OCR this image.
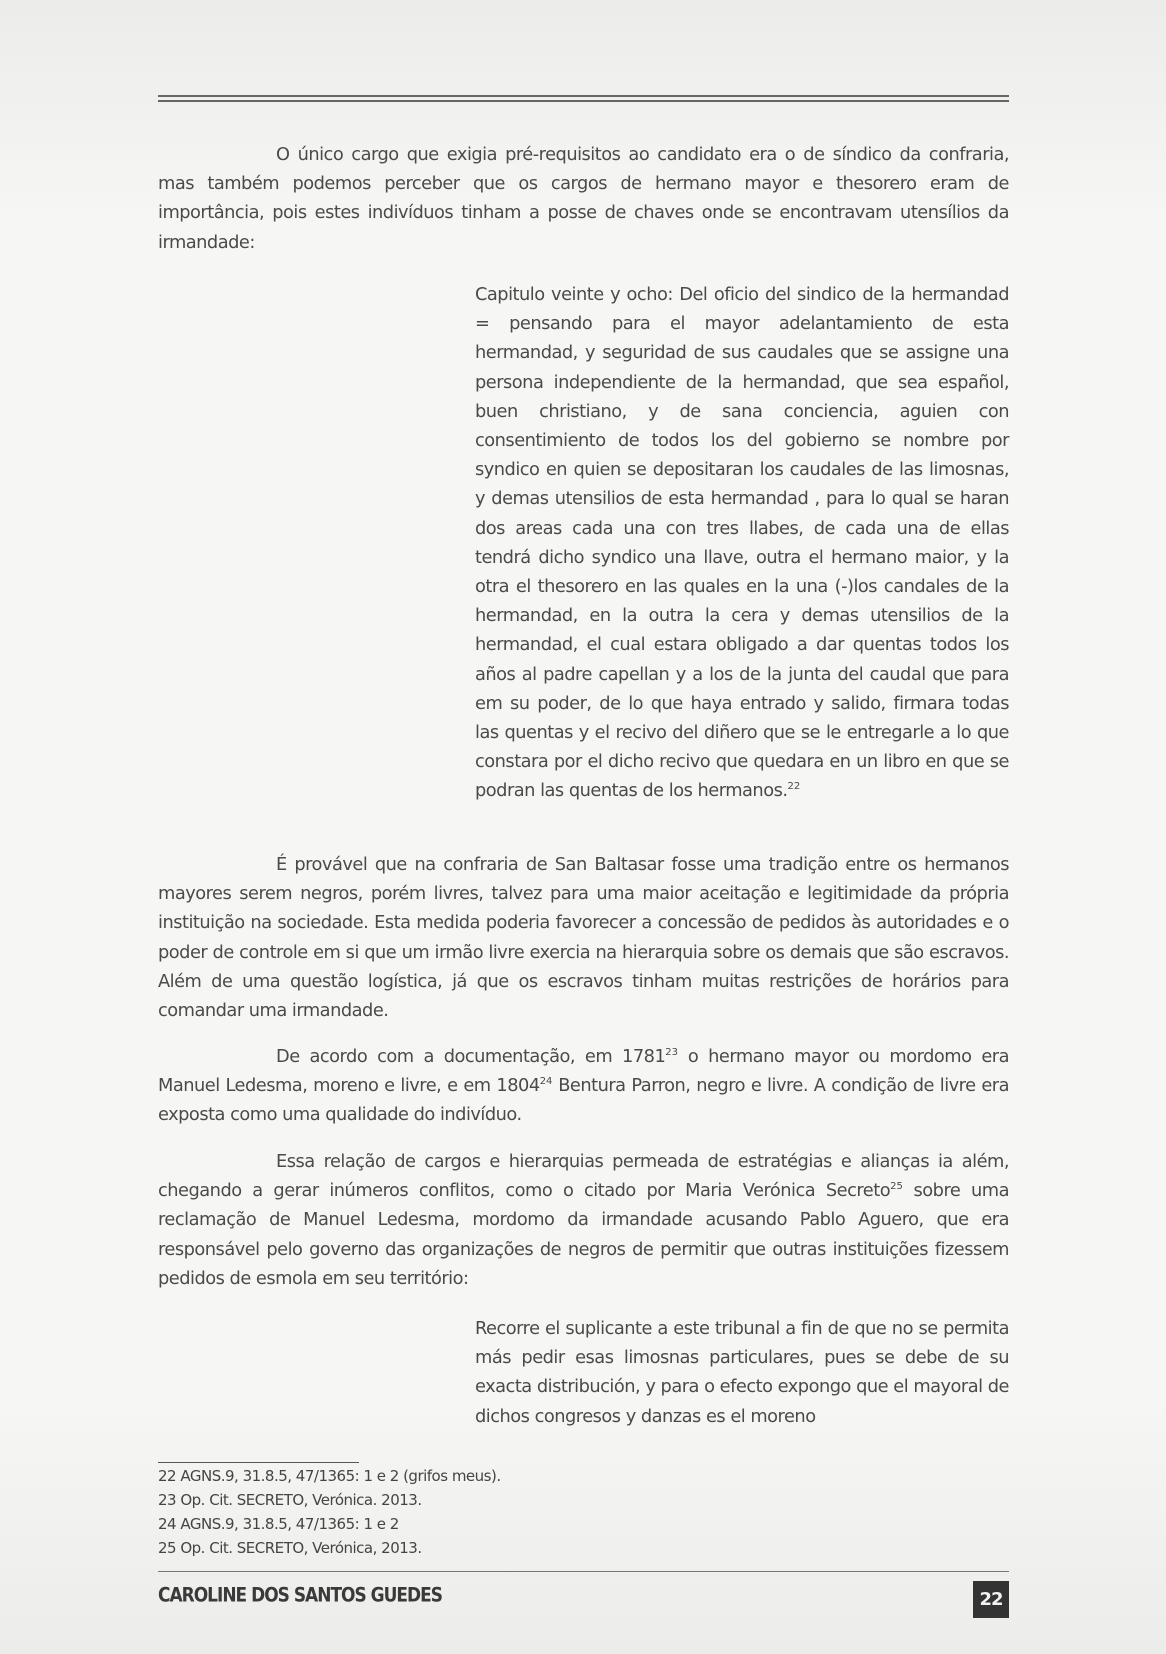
O único cargo que exigia pré-requisitos ao candidato era o de síndico da confraria, mas também podemos perceber que os cargos de hermano mayor e thesorero eram de importância, pois estes indivíduos tinham a posse de chaves onde se encontravam utensílios da irmandade:

Capitulo veinte y ocho: Del oficio del sindico de la hermandad = pensando para el mayor adelantamiento de esta hermandad, y seguridad de sus caudales que se assigne una persona independiente de la hermandad, que sea español, buen christiano, y de sana conciencia, aguien con consentimiento de todos los del gobierno se nombre por syndico en quien se depositaran los caudales de las limosnas, y demas utensilios de esta hermandad , para lo qual se haran dos areas cada una con tres llabes, de cada una de ellas tendrá dicho syndico una llave, outra el hermano maior, y la otra el thesorero en las quales en la una (-)los candales de la hermandad, en la outra la cera y demas utensilios de la hermandad, el cual estara obligado a dar quentas todos los años al padre capellan y a los de la junta del caudal que para em su poder, de lo que haya entrado y salido, firmara todas las quentas y el recivo del diñero que se le entregarle a lo que constara por el dicho recivo que quedara en un libro en que se podran las quentas de los hermanos.$^{22}$

É provável que na confraria de San Baltasar fosse uma tradição entre os hermanos mayores serem negros, porém livres, talvez para uma maior aceitação e legitimidade da própria instituição na sociedade. Esta medida poderia favorecer a concessão de pedidos às autoridades e o poder de controle em si que um irmão livre exercia na hierarquia sobre os demais que são escravos. Além de uma questão logística, já que os escravos tinham muitas restrições de horários para comandar uma irmandade.

De acordo com a documentação, em 1781$^{23}$ o hermano mayor ou mordomo era Manuel Ledesma, moreno e livre, e em 1804$^{24}$ Bentura Parron, negro e livre. A condição de livre era exposta como uma qualidade do indivíduo.

Essa relação de cargos e hierarquias permeada de estratégias e alianças ia além, chegando a gerar inúmeros conflitos, como o citado por Maria Verónica Secreto$^{25}$ sobre uma reclamação de Manuel Ledesma, mordomo da irmandade acusando Pablo Aguero, que era responsável pelo governo das organizações de negros de permitir que outras instituições fizessem pedidos de esmola em seu território:

Recorre el suplicante a este tribunal a fin de que no se permita más pedir esas limosnas particulares, pues se debe de su exacta distribución, y para o efecto expongo que el mayoral de dichos congresos y danzas es el moreno

22 AGNS.9, 31.8.5, 47/1365: 1 e 2 (grifos meus).

23 Op. Cit. SECRETO, Verónica. 2013.

24 AGNS.9, 31.8.5, 47/1365: 1 e 2

25 Op. Cit. SECRETO, Verónica, 2013.

CAROLINE DOS SANTOS GUEDES	22
